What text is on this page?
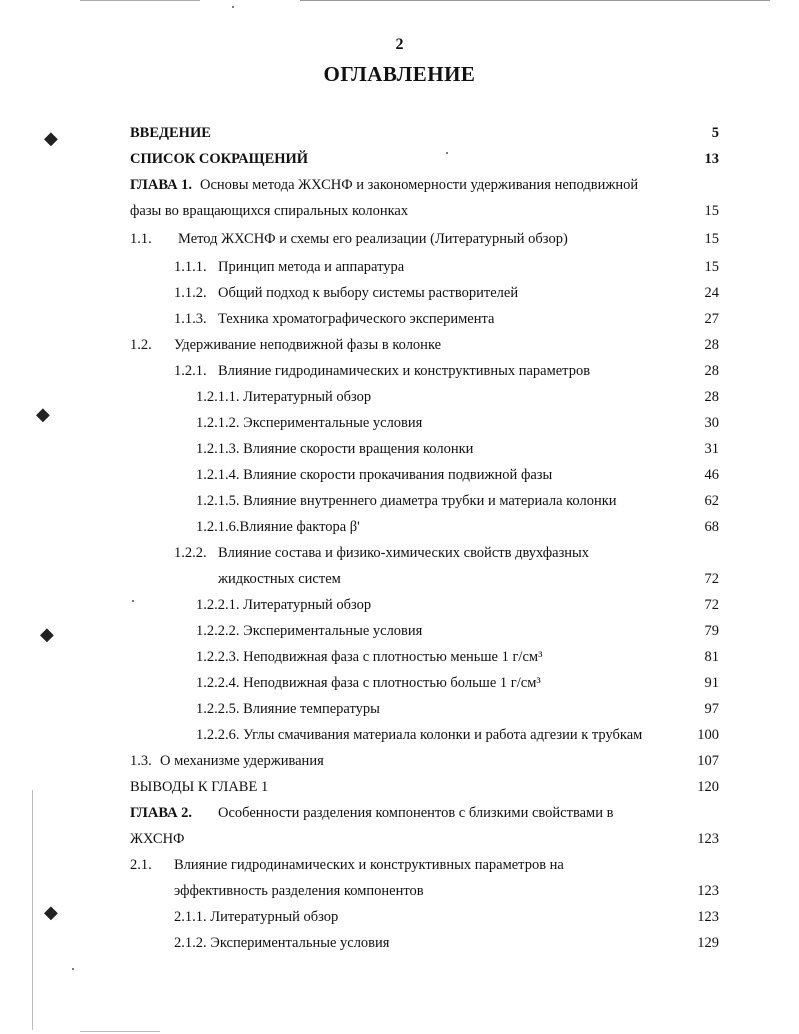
◆
◆
◆
◆
2
ОГЛАВЛЕНИЕ
ВВЕДЕНИЕ	5
СПИСОК СОКРАЩЕНИЙ	13
ГЛАВА 1. Основы метода ЖХСНФ и закономерности удерживания неподвижной
фазы во вращающихся спиральных колонках	15
1.1. Метод ЖХСНФ и схемы его реализации (Литературный обзор)	15
1.1.1. Принцип метода и аппаратура	15
1.1.2. Общий подход к выбору системы растворителей	24
1.1.3. Техника хроматографического эксперимента	27
1.2. Удерживание неподвижной фазы в колонке	28
1.2.1. Влияние гидродинамических и конструктивных параметров	28
1.2.1.1. Литературный обзор	28
1.2.1.2. Экспериментальные условия	30
1.2.1.3. Влияние скорости вращения колонки	31
1.2.1.4. Влияние скорости прокачивания подвижной фазы	46
1.2.1.5. Влияние внутреннего диаметра трубки и материала колонки	62
1.2.1.6.Влияние фактора β'	68
1.2.2. Влияние состава и физико-химических свойств двухфазных
жидкостных систем	72
1.2.2.1. Литературный обзор	72
1.2.2.2. Экспериментальные условия	79
1.2.2.3. Неподвижная фаза с плотностью меньше 1 г/см³	81
1.2.2.4. Неподвижная фаза с плотностью больше 1 г/см³	91
1.2.2.5. Влияние температуры	97
1.2.2.6. Углы смачивания материала колонки и работа адгезии к трубкам	100
1.3. О механизме удерживания	107
ВЫВОДЫ К ГЛАВЕ 1	120
ГЛАВА 2. Особенности разделения компонентов с близкими свойствами в
ЖХСНФ	123
2.1. Влияние гидродинамических и конструктивных параметров на
эффективность разделения компонентов	123
2.1.1. Литературный обзор	123
2.1.2. Экспериментальные условия	129
